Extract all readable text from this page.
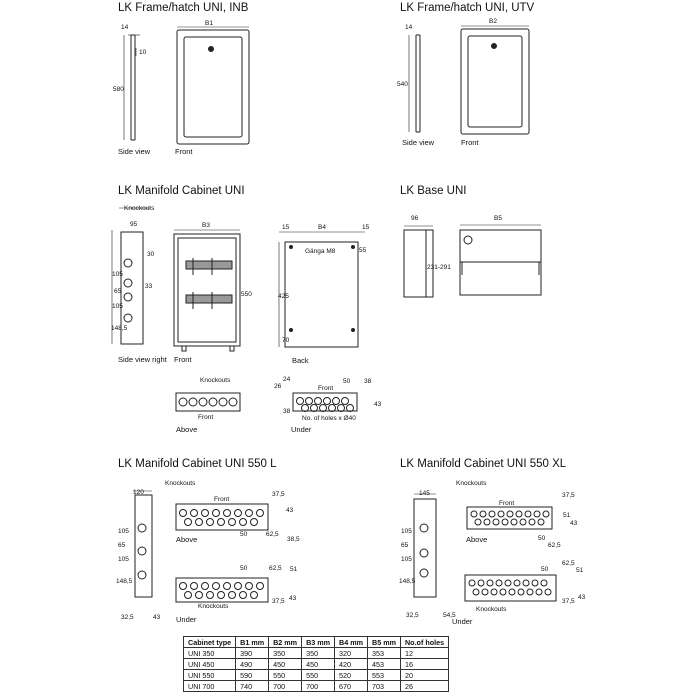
LK Frame/hatch UNI, INB	LK Frame/hatch UNI, UTV
LK Manifold Cabinet UNI	LK Base UNI
LK Manifold Cabinet UNI 550 L	LK Manifold Cabinet UNI 550 XL
Side view	Front
Side view	Front
Side view right Front	Back
Above	Under
Above
Under
Above
Under
Knockouts
Knockouts
Knockouts
Knockouts
Knockouts
Knockouts
Gänga M8
No. of holes x Ø40
Front
Front
Front
Front
14
B1
10
580
14
B2
540
95
30
105
65
33
105
148,5
B3
550
15	B4	15
55
425
70
96	B5
231-291
24
26
50 38
43
38
120	37,5
43
50	62,5
38,5
105
65
105
148,5
50	62,5 51
37,5 43
32,5	43
145	37,5
51
43
50
62,5
105
65
105
148,5
50
62,5
51
37,5
43
32,5	54,5
Cabinet type	B1 mm	B2 mm	B3 mm	B4 mm	B5 mm	No.of holes
UNI 350	390	350	350	320	353	12
UNI 450	490	450	450	420	453	16
UNI 550	590	550	550	520	553	20
UNI 700	740	700	700	670	703	26
